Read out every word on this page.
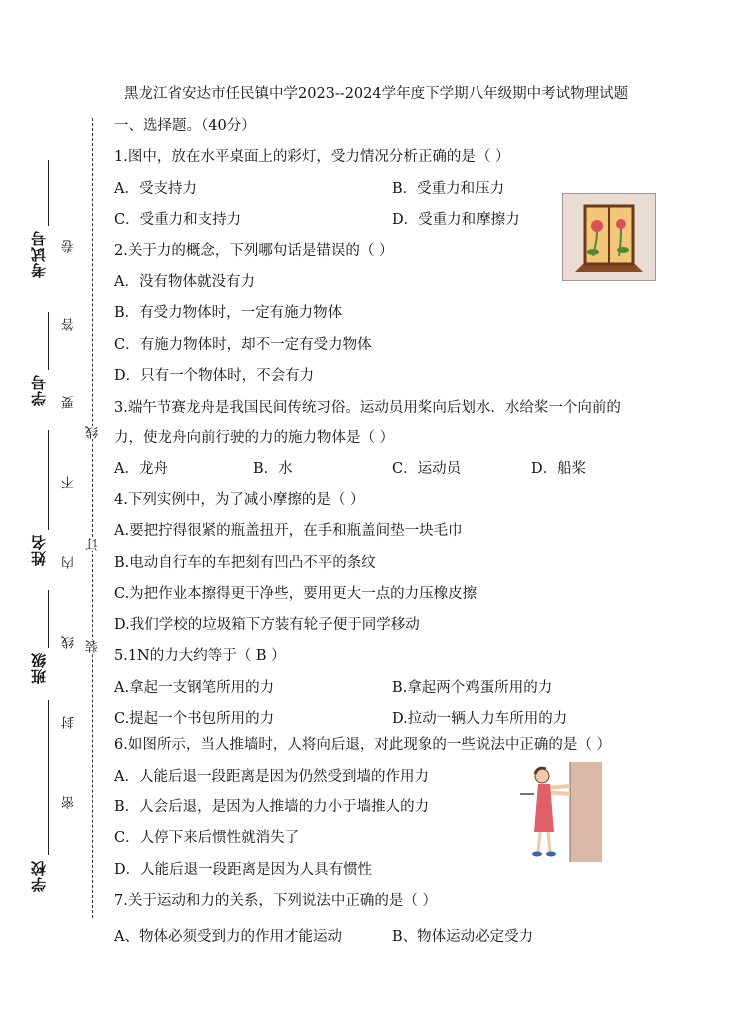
考试号
学号
姓名
班级
学校
卷
答
要
不
内
线
封
密
线
订
装
黑龙江省安达市任民镇中学2023--2024学年度下学期八年级期中考试物理试题
一、选择题。（40分）
1.图中，放在水平桌面上的彩灯，受力情况分析正确的是（ ）
A．受支持力	B．受重力和压力
C．受重力和支持力	D．受重力和摩擦力
2.关于力的概念，下列哪句话是错误的（ ）
A．没有物体就没有力
B．有受力物体时，一定有施力物体
C．有施力物体时，却不一定有受力物体
D．只有一个物体时，不会有力
3.端午节赛龙舟是我国民间传统习俗。运动员用桨向后划水．水给桨一个向前的
力，使龙舟向前行驶的力的施力物体是（ ）
A．龙舟	B．水	C．运动员	D．船桨
4.下列实例中，为了减小摩擦的是（ ）
A.要把拧得很紧的瓶盖扭开，在手和瓶盖间垫一块毛巾
B.电动自行车的车把刻有凹凸不平的条纹
C.为把作业本擦得更干净些，要用更大一点的力压橡皮擦
D.我们学校的垃圾箱下方装有轮子便于同学移动
5.1N的力大约等于（ B ）
A.拿起一支钢笔所用的力	B.拿起两个鸡蛋所用的力
C.提起一个书包所用的力	D.拉动一辆人力车所用的力
6.如图所示，当人推墙时，人将向后退，对此现象的一些说法中正确的是（ ）
A．人能后退一段距离是因为仍然受到墙的作用力
B．人会后退，是因为人推墙的力小于墙推人的力
C．人停下来后惯性就消失了
D．人能后退一段距离是因为人具有惯性
7.关于运动和力的关系，下列说法中正确的是（ ）
A、物体必须受到力的作用才能运动	B、物体运动必定受力
